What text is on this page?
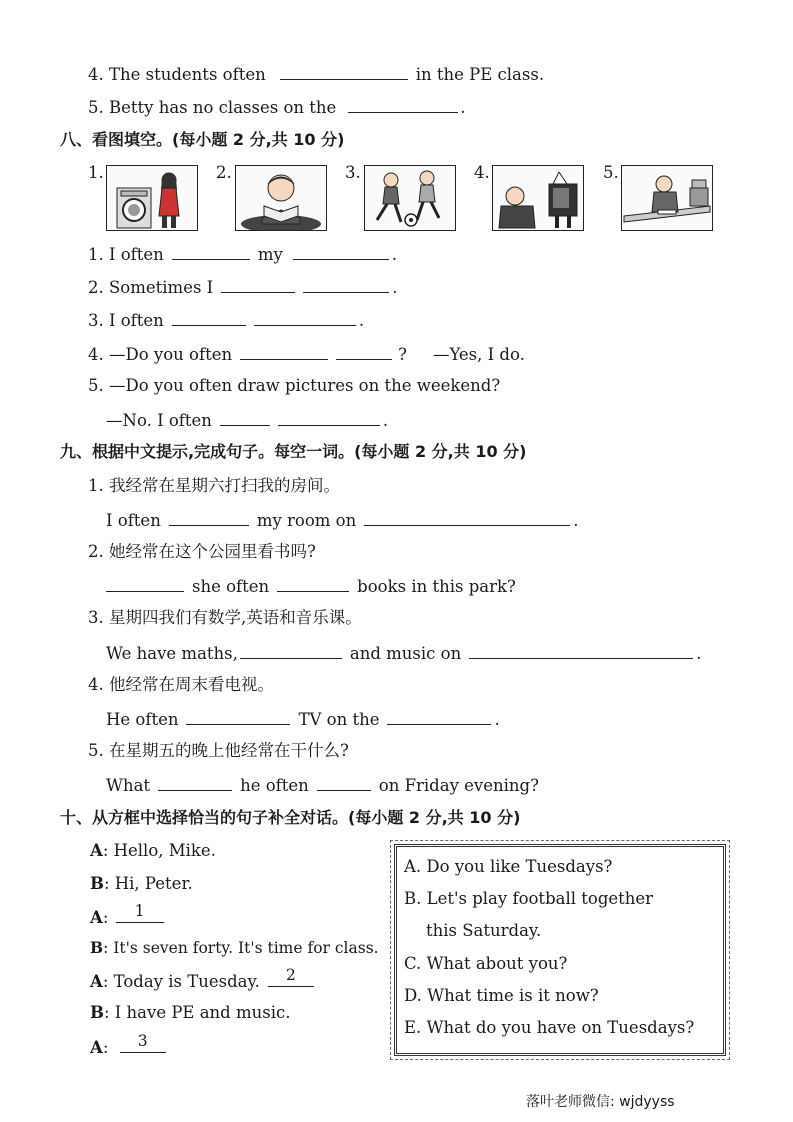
4. The students often	in the PE class.
5. Betty has no classes on the	.
八、看图填空。(每小题 2 分,共 10 分)
1.	2.	3.	4.	5.
1. I often	my	.
2. Sometimes I	.
3. I often	.
4. —Do you often	? —Yes, I do.
5. —Do you often draw pictures on the weekend?
—No. I often	.
九、根据中文提示,完成句子。每空一词。(每小题 2 分,共 10 分)
1. 我经常在星期六打扫我的房间。
I often	my room on	.
2. 她经常在这个公园里看书吗?
she often	books in this park?
3. 星期四我们有数学,英语和音乐课。
We have maths,	and music on	.
4. 他经常在周末看电视。
He often	TV on the	.
5. 在星期五的晚上他经常在干什么?
What	he often	on Friday evening?
十、从方框中选择恰当的句子补全对话。(每小题 2 分,共 10 分)
A: Hello, Mike.
B: Hi, Peter.
A:	1
B: It's seven forty. It's time for class.
A: Today is Tuesday.	2
B: I have PE and music.
A:	3
A. Do you like Tuesdays?
B. Let's play football together
this Saturday.
C. What about you?
D. What time is it now?
E. What do you have on Tuesdays?
落叶老师微信: wjdyyss
